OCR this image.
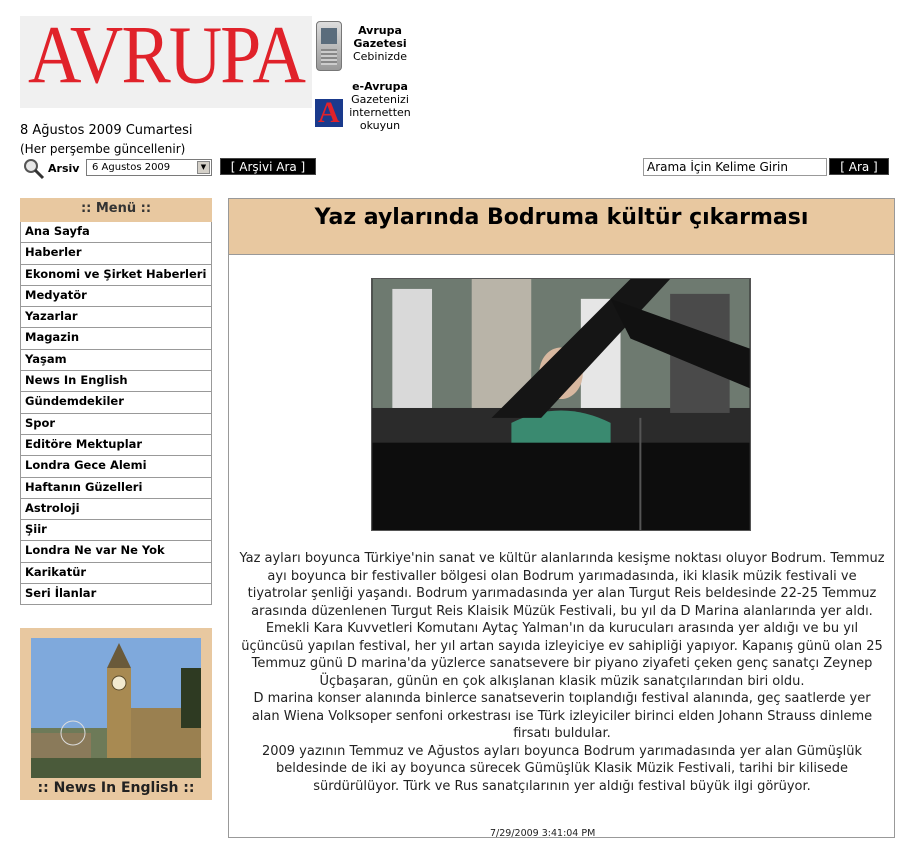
AVRUPA	Avrupa
Gazetesi
Cebinizde
A
e-Avrupa
Gazetenizi
internetten
okuyun
8 Ağustos 2009 Cumartesi
(Her perşembe güncellenir)
Arsiv 6 Agustos 2009	▼	[ Arşivi Ara ]
Arama İçin Kelime Girin	[ Ara ]
:: Menü ::
Ana Sayfa
Haberler
Ekonomi ve Şirket Haberleri
Medyatör
Yazarlar
Magazin
Yaşam
News In English
Gündemdekiler
Spor
Editöre Mektuplar
Londra Gece Alemi
Haftanın Güzelleri
Astroloji
Şiir
Londra Ne var Ne Yok
Karikatür
Seri İlanlar
:: News In English ::
Yaz aylarında Bodruma kültür çıkarması

Yaz ayları boyunca Türkiye'nin sanat ve kültür alanlarında kesişme noktası oluyor Bodrum. Temmuz ayı boyunca bir festivaller bölgesi olan Bodrum yarımadasında, iki klasik müzik festivali ve tiyatrolar şenliği yaşandı. Bodrum yarımadasında yer alan Turgut Reis beldesinde 22-25 Temmuz arasında düzenlenen Turgut Reis Klaisik Müzük Festivali, bu yıl da D Marina alanlarında yer aldı. Emekli Kara Kuvvetleri Komutanı Aytaç Yalman'ın da kurucuları arasında yer aldığı ve bu yıl üçüncüsü yapılan festival, her yıl artan sayıda izleyiciye ev sahipliği yapıyor. Kapanış günü olan 25 Temmuz günü D marina'da yüzlerce sanatsevere bir piyano ziyafeti çeken genç sanatçı Zeynep Üçbaşaran, günün en çok alkışlanan klasik müzik sanatçılarından biri oldu.

D marina konser alanında binlerce sanatseverin toıplandığı festival alanında, geç saatlerde yer alan Wiena Volksoper senfoni orkestrası ise Türk izleyiciler birinci elden Johann Strauss dinleme firsatı buldular.

2009 yazının Temmuz ve Ağustos ayları boyunca Bodrum yarımadasında yer alan Gümüşlük beldesinde de iki ay boyunca sürecek Gümüşlük Klasik Müzik Festivali, tarihi bir kilisede sürdürülüyor. Türk ve Rus sanatçılarının yer aldığı festival büyük ilgi görüyor.

7/29/2009 3:41:04 PM
